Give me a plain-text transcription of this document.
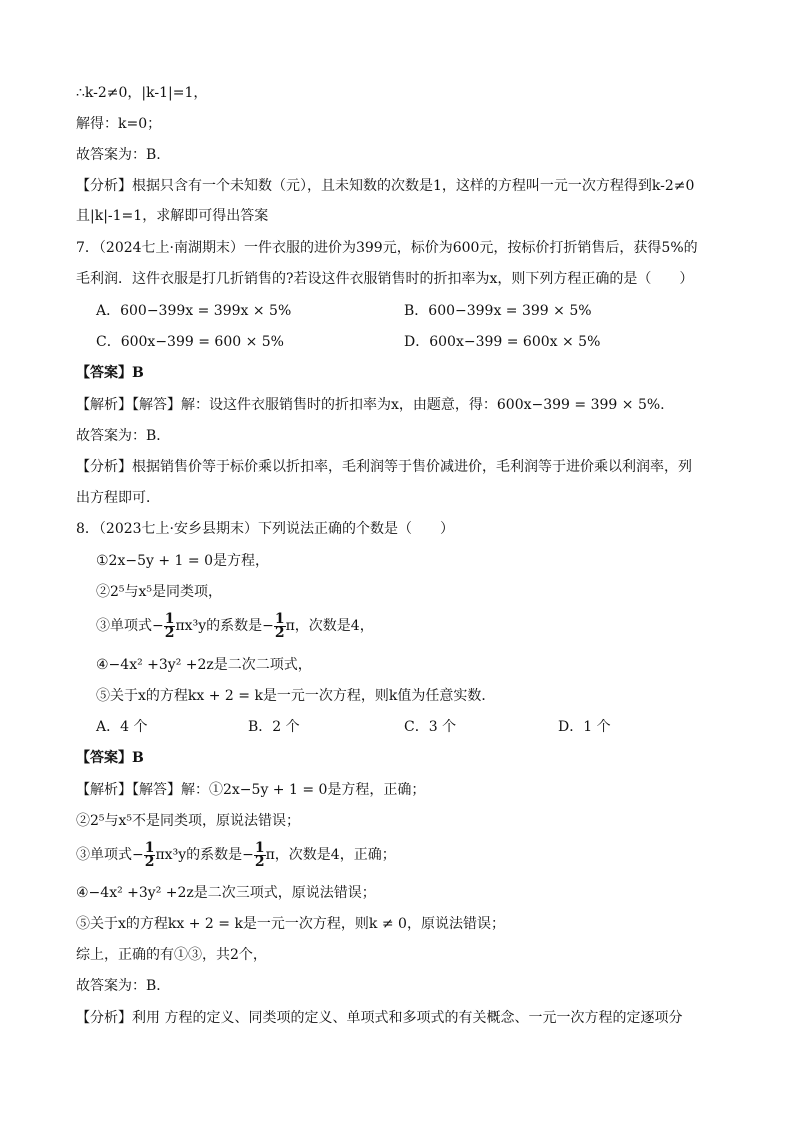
∴k-2≠0，|k-1|=1，
解得：k=0；
故答案为：B.
【分析】根据只含有一个未知数（元），且未知数的次数是1，这样的方程叫一元一次方程得到k-2≠0
且|k|-1=1，求解即可得出答案
7．（2024七上·南湖期末）一件衣服的进价为399元，标价为600元，按标价打折销售后，获得5%的
毛利润．这件衣服是打几折销售的?若设这件衣服销售时的折扣率为x，则下列方程正确的是（　　）
A．600−399x = 399x × 5%	B．600−399x = 399 × 5%
C．600x−399 = 600 × 5%	D．600x−399 = 600x × 5%
【答案】B
【解析】【解答】解：设这件衣服销售时的折扣率为x，由题意，得：600x−399 = 399 × 5%.
故答案为：B．
【分析】根据销售价等于标价乘以折扣率，毛利润等于售价减进价，毛利润等于进价乘以利润率，列
出方程即可．
8．（2023七上·安乡县期末）下列说法正确的个数是（　　）
①2x−5y + 1 = 0是方程，
②2⁵与x⁵是同类项，
③单项式− $\frac{1}{2} \pi x^3y$的系数是− $\frac{1}{2}$ π，次数是4，
④−4x² +3y² +2z是二次二项式，
⑤关于x的方程kx + 2 = k是一元一次方程，则k值为任意实数．
A．4 个	B．2 个	C．3 个	D．1 个
【答案】B
【解析】【解答】解：①2x−5y + 1 = 0是方程，正确；
②2⁵与x⁵不是同类项，原说法错误；
③单项式− $\frac{1}{2} \pi x^3y$的系数是− $\frac{1}{2}$ π，次数是4，正确；
④−4x² +3y² +2z是二次三项式，原说法错误；
⑤关于x的方程kx + 2 = k是一元一次方程，则k ≠ 0，原说法错误；
综上，正确的有①③，共2个，
故答案为：B．
【分析】利用 方程的定义、同类项的定义、单项式和多项式的有关概念、一元一次方程的定逐项分
